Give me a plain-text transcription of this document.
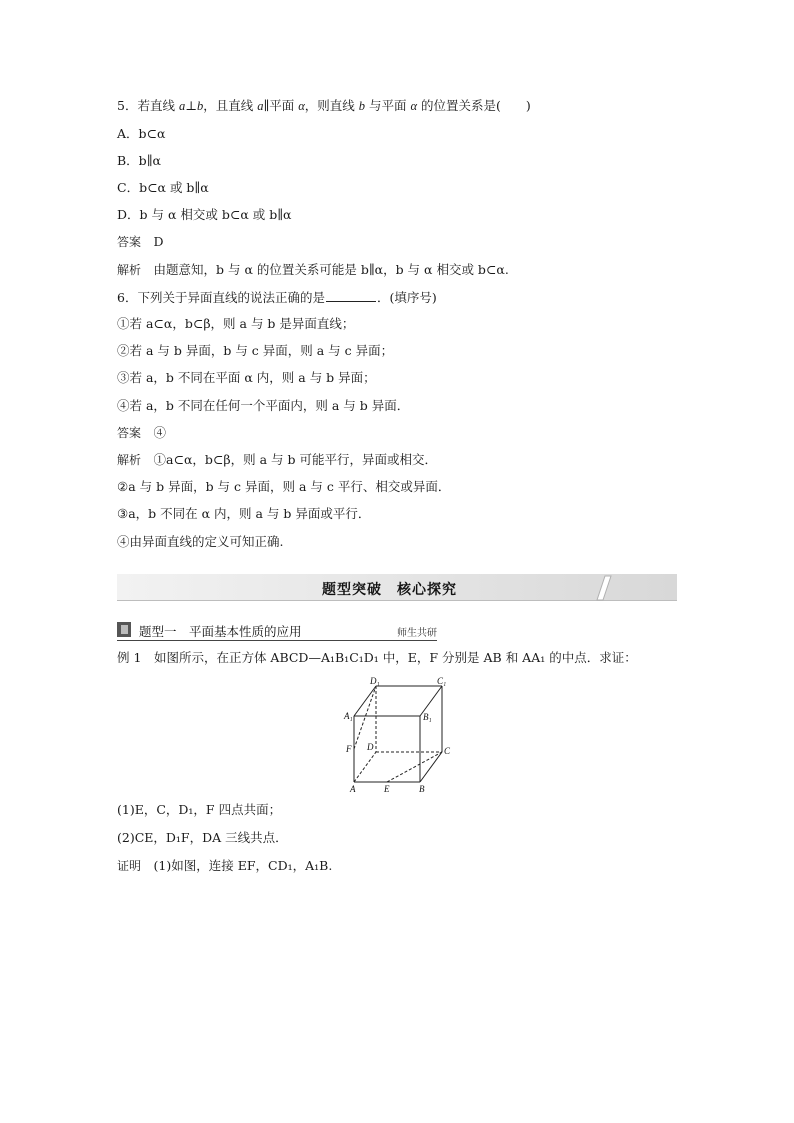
5．若直线 a⊥b，且直线 a∥平面 α，则直线 b 与平面 α 的位置关系是(　　)
A．b⊂α
B．b∥α
C．b⊂α 或 b∥α
D．b 与 α 相交或 b⊂α 或 b∥α
答案　 D
解析　 由题意知，b 与 α 的位置关系可能是 b∥α，b 与 α 相交或 b⊂α.
6．下列关于异面直线的说法正确的是	．(填序号)
①若 a⊂α，b⊂β，则 a 与 b 是异面直线；
②若 a 与 b 异面，b 与 c 异面，则 a 与 c 异面；
③若 a，b 不同在平面 α 内，则 a 与 b 异面；
④若 a，b 不同在任何一个平面内，则 a 与 b 异面．
答案　 ④
解析　 ①a⊂α，b⊂β，则 a 与 b 可能平行，异面或相交．
②a 与 b 异面，b 与 c 异面，则 a 与 c 平行、相交或异面．
③a，b 不同在 α 内，则 a 与 b 异面或平行．
④由异面直线的定义可知正确.
题型突破　核心探究
题型一　平面基本性质的应用	师生共研
例 1　 如图所示，在正方体 ABCD—A₁B₁C₁D₁ 中，E，F 分别是 AB 和 AA₁ 的中点．求证：
D₁	C₁
A₁	B₁
F D	C
A	E	B
(1)E，C，D₁，F 四点共面；
(2)CE，D₁F，DA 三线共点．
证明　 (1)如图，连接 EF，CD₁，A₁B.
